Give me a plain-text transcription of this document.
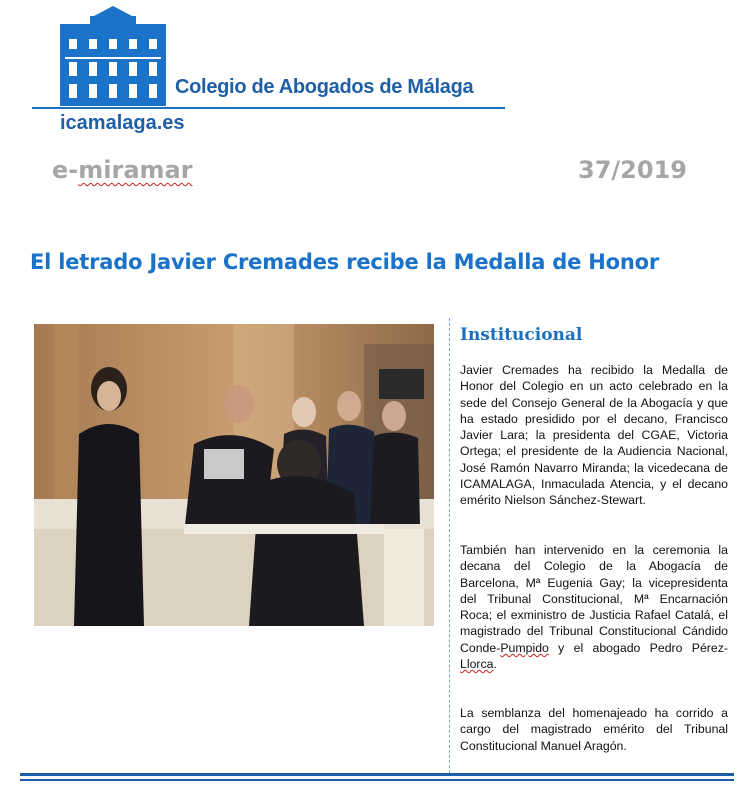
Colegio de Abogados de Málaga
icamalaga.es
e-miramar	37/2019
El letrado Javier Cremades recibe la Medalla de Honor
Institucional

Javier Cremades ha recibido la Medalla de Honor del Colegio en un acto celebrado en la sede del Consejo General de la Abogacía y que ha estado presidido por el decano, Francisco Javier Lara; la presidenta del CGAE, Victoria Ortega; el presidente de la Audiencia Nacional, José Ramón Navarro Miranda; la vicedecana de ICAMALAGA, Inmaculada Atencia, y el decano emérito Nielson Sánchez-Stewart.

También han intervenido en la ceremonia la decana del Colegio de la Abogacía de Barcelona, Mª Eugenia Gay; la vicepresidenta del Tribunal Constitucional, Mª Encarnación Roca; el exministro de Justicia Rafael Catalá, el magistrado del Tribunal Constitucional Cándido Conde-Pumpido y el abogado Pedro Pérez-Llorca.

La semblanza del homenajeado ha corrido a cargo del magistrado emérito del Tribunal Constitucional Manuel Aragón.
